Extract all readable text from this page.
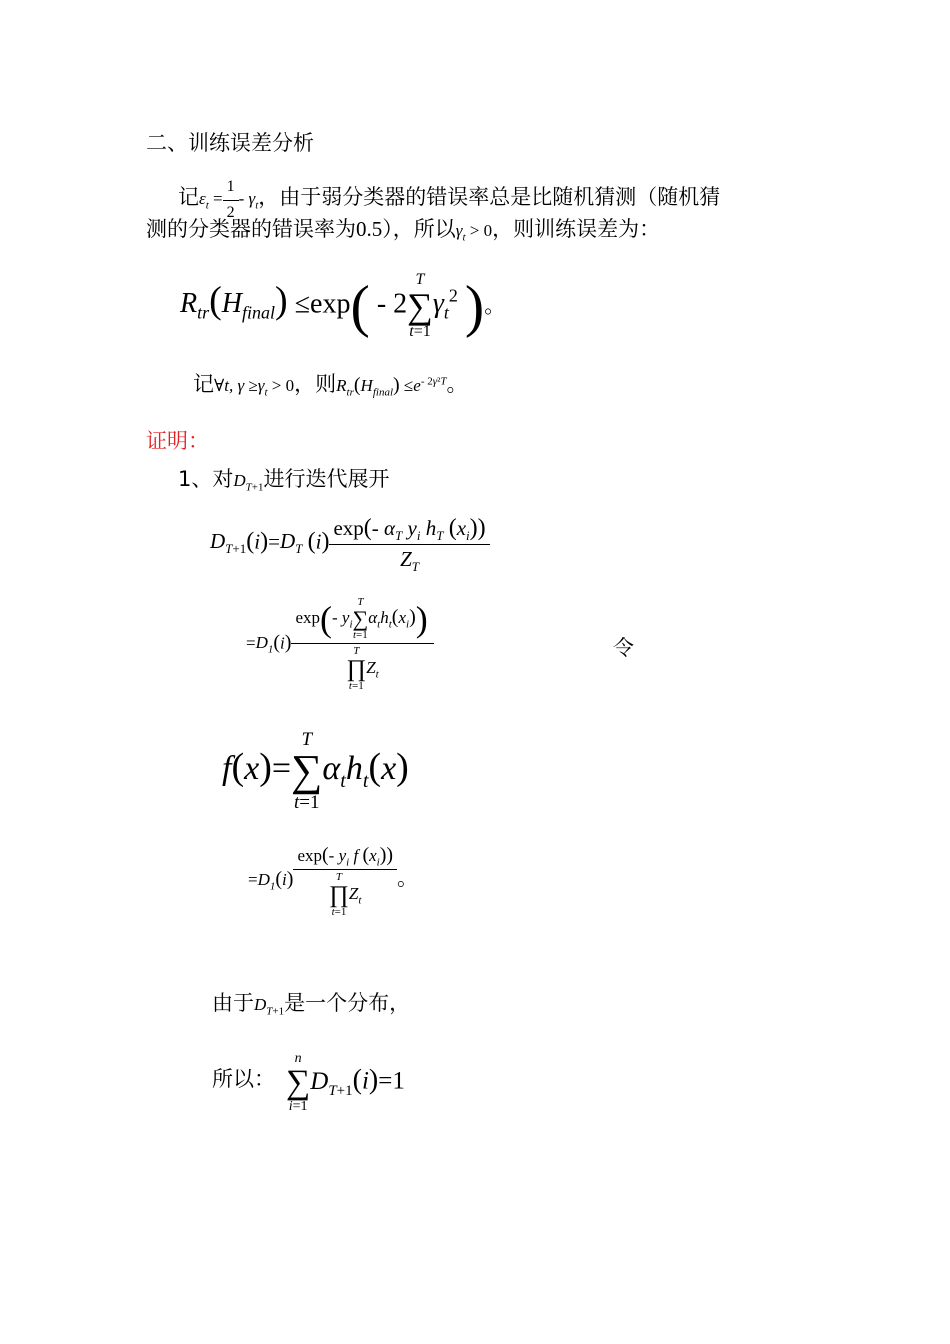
二、训练误差分析
记$\varepsilon_t = \frac{1}{2} - \gamma_t$，由于弱分类器的错误率总是比随机猜测（随机猜
测的分类器的错误率为0.5），所以$\gamma_t > 0$，则训练误差为：
$R_{tr}(H_{final}) \le\exp( - 2$
T
∑
t=1
$\gamma_t^2$ )。
记∀t, $\gamma \ge\gamma_t > 0$，则$R_{tr}(H_{final}) \le e^{- 2\gamma^2T}$。
证明：
1、对$D_{T+1}$进行迭代展开
$D_{T+1}(i)=D_T$ $(i) \frac{\exp(- \alpha_T y_i h_T (x_i))}{Z_T}$
$=D_1(i)$ exp(- $y_i$
T
∑
t=1
$\alpha_th_t(x_i)$)
T
∏
t=1
$Z_t$	令
f(x)=
T
∑
t=1
$\alpha_th_t(x)$
$=D_1(i)$ exp(- $y_i$ f $(x_i)$)
T
∏
t=1
$Z_t$ 。
由于$D_{T+1}$是一个分布，
所以：
n
∑
i=1
$D_{T+1}(i)=1$
